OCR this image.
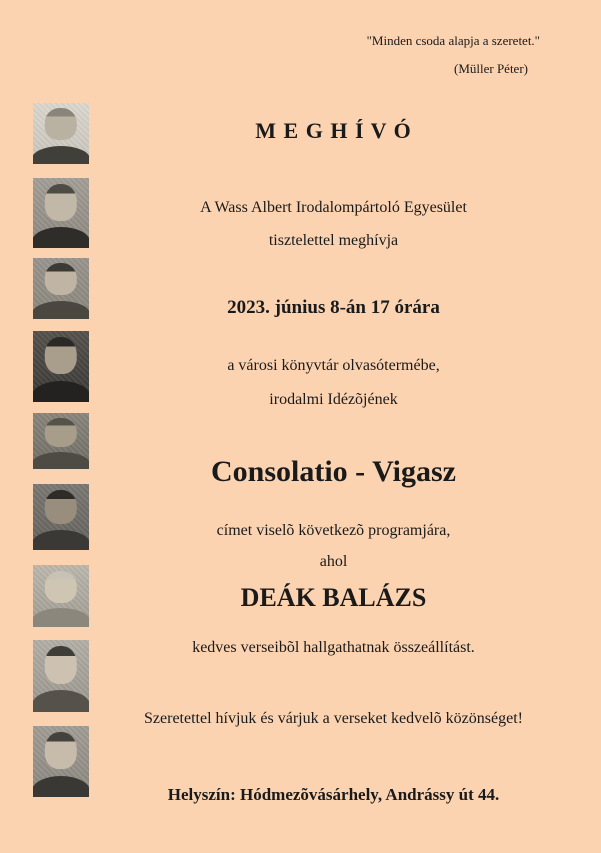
"Minden csoda alapja a szeretet."
(Müller Péter)
M E G H Í V Ó
A Wass Albert Irodalompártoló Egyesület
tisztelettel meghívja
2023. június 8-án 17 órára
a városi könyvtár olvasótermébe,
irodalmi Idézõjének
Consolatio - Vigasz
címet viselõ következõ programjára,
ahol
DEÁK BALÁZS
kedves verseibõl hallgathatnak összeállítást.
Szeretettel hívjuk és várjuk a verseket kedvelõ közönséget!
Helyszín: Hódmezõvásárhely, Andrássy út 44.
